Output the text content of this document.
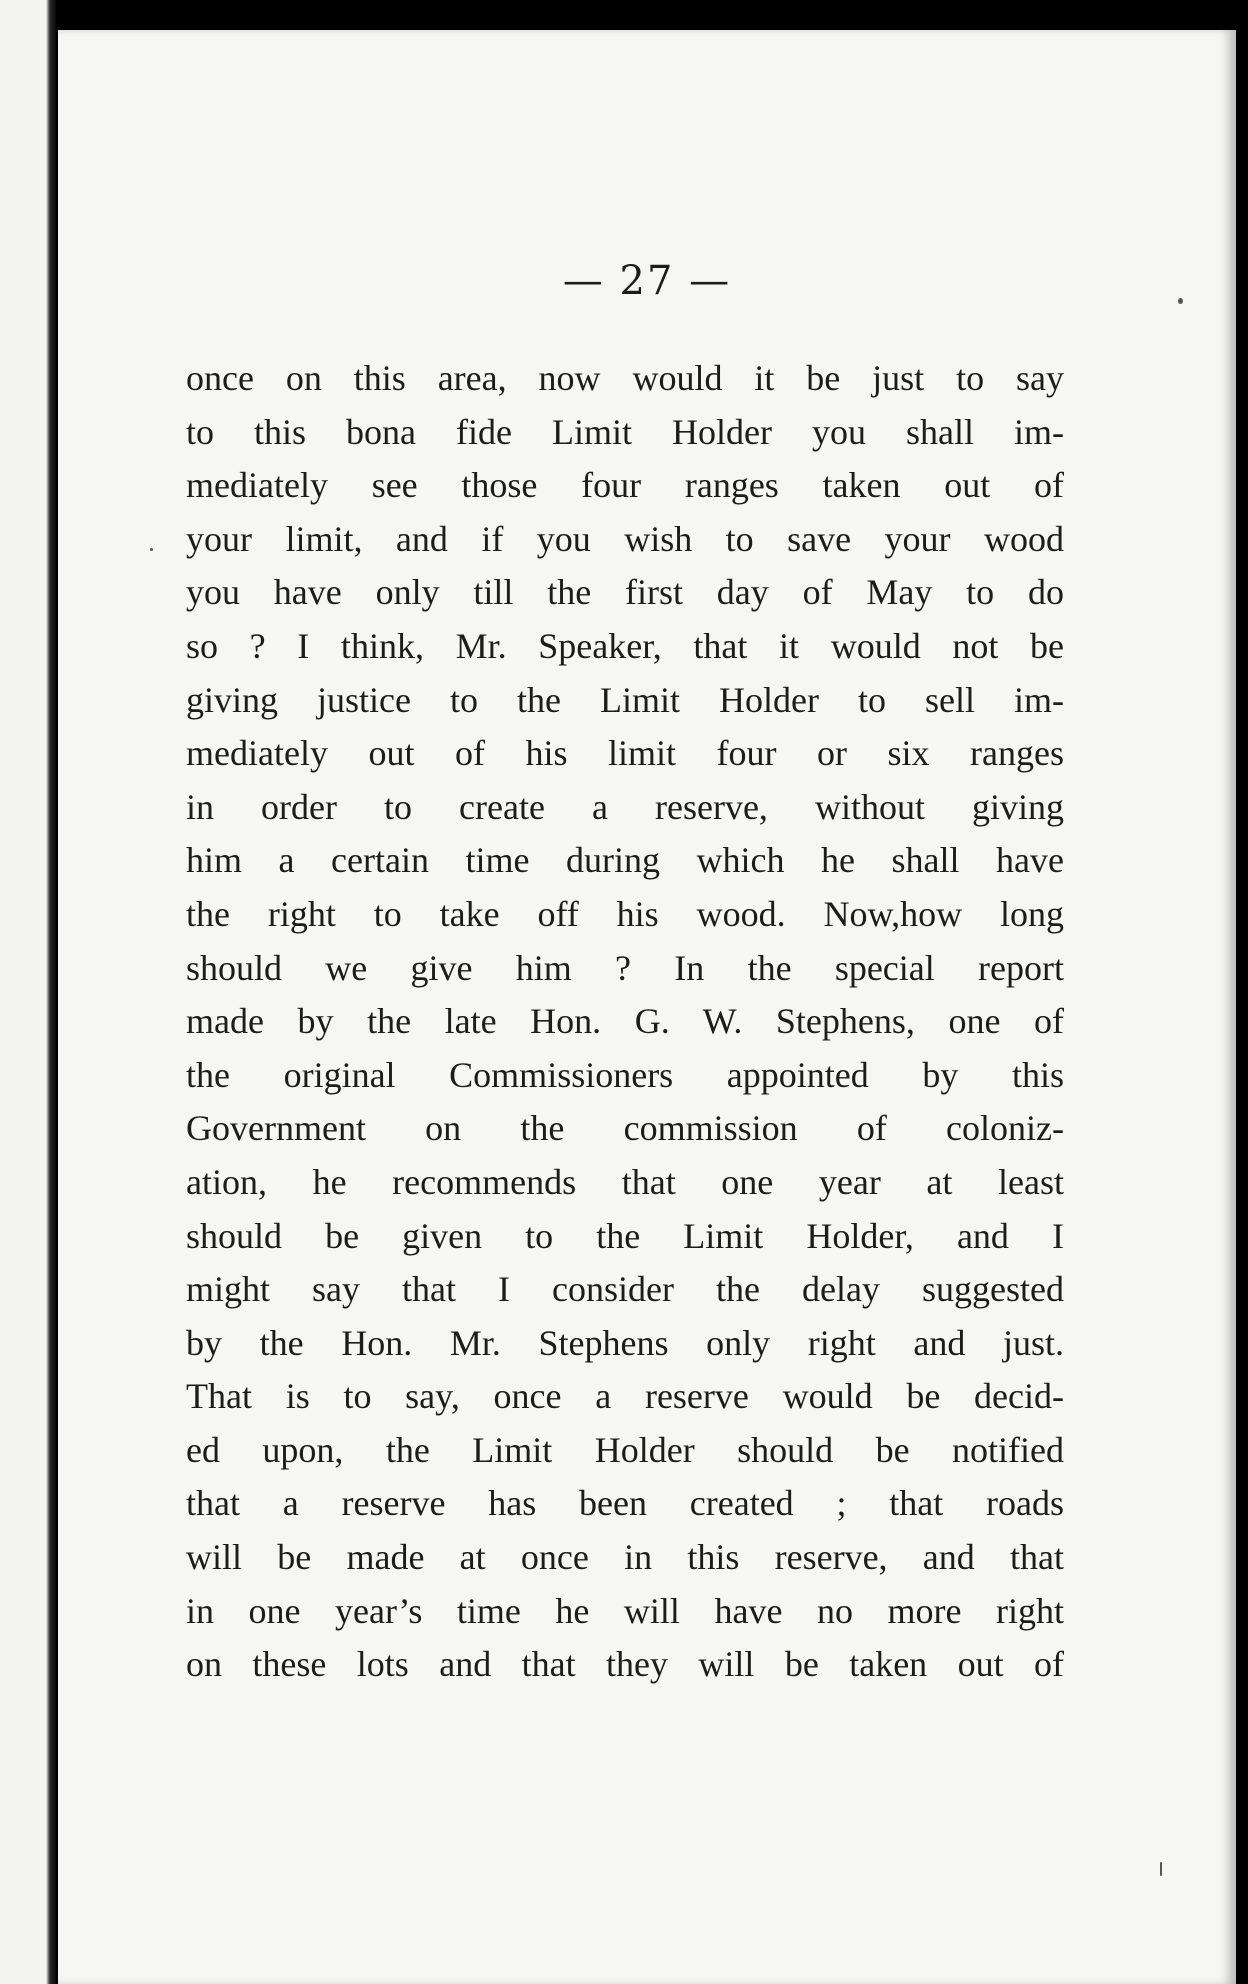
— 27 —
once on this area, now would it be just to say
to this bona fide Limit Holder you shall im-
mediately see those four ranges taken out of
your limit, and if you wish to save your wood
you have only till the first day of May to do
so ? I think, Mr. Speaker, that it would not be
giving justice to the Limit Holder to sell im-
mediately out of his limit four or six ranges
in order to create a reserve, without giving
him a certain time during which he shall have
the right to take off his wood. Now,how long
should we give him ? In the special report
made by the late Hon. G. W. Stephens, one of
the original Commissioners appointed by this
Government on the commission of coloniz-
ation, he recommends that one year at least
should be given to the Limit Holder, and I
might say that I consider the delay suggested
by the Hon. Mr. Stephens only right and just.
That is to say, once a reserve would be decid-
ed upon, the Limit Holder should be notified
that a reserve has been created ; that roads
will be made at once in this reserve, and that
in one year’s time he will have no more right
on these lots and that they will be taken out of
